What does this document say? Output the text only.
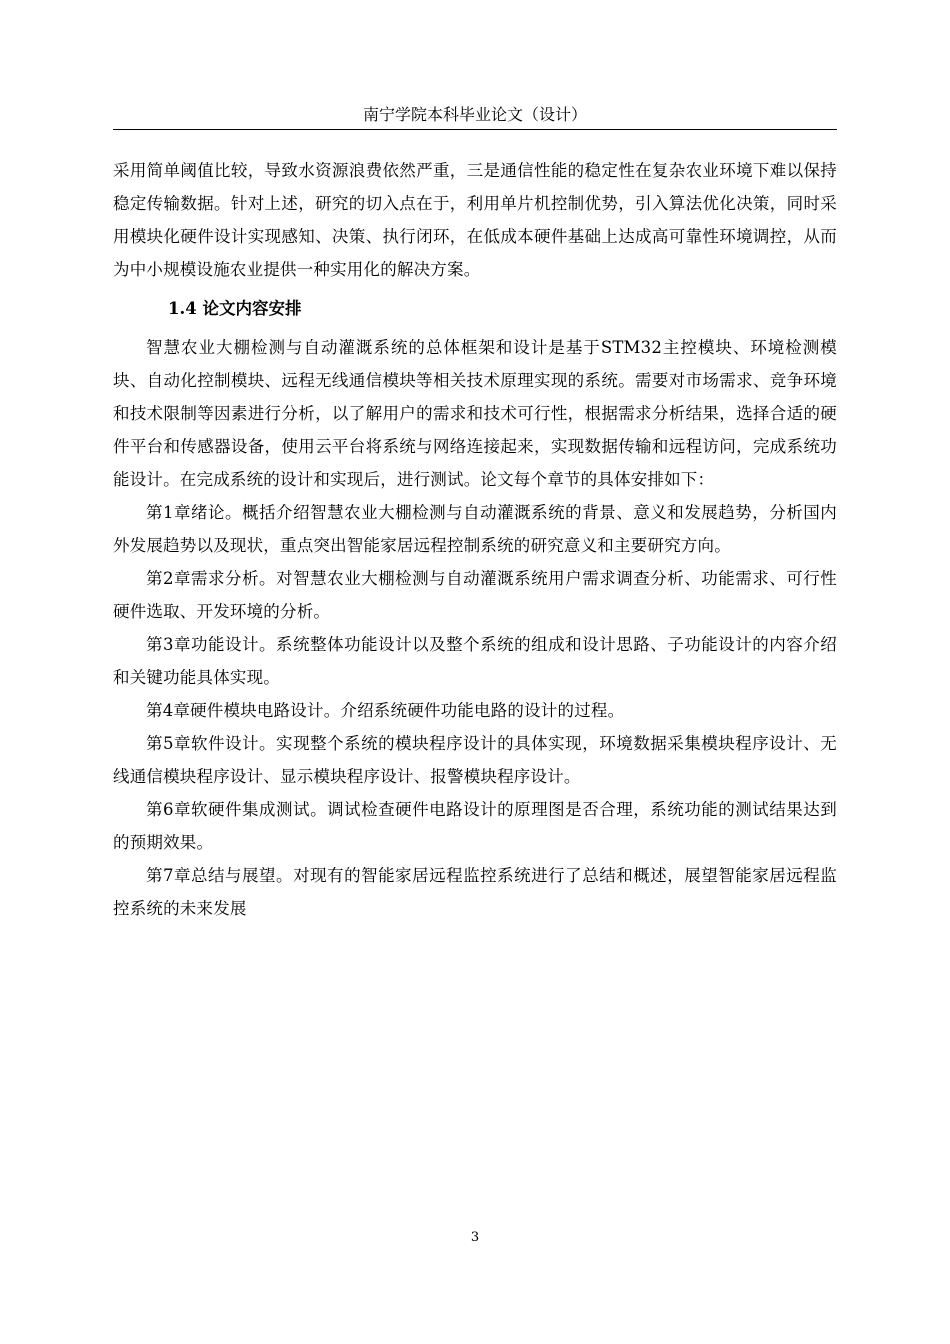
南宁学院本科毕业论文（设计）

采用简单阈值比较，导致水资源浪费依然严重，三是通信性能的稳定性在复杂农业环境下难以保持稳定传输数据。针对上述，研究的切入点在于，利用单片机控制优势，引入算法优化决策，同时采用模块化硬件设计实现感知、决策、执行闭环，在低成本硬件基础上达成高可靠性环境调控，从而为中小规模设施农业提供一种实用化的解决方案。

1.4 论文内容安排

智慧农业大棚检测与自动灌溉系统的总体框架和设计是基于STM32主控模块、环境检测模块、自动化控制模块、远程无线通信模块等相关技术原理实现的系统。需要对市场需求、竞争环境和技术限制等因素进行分析，以了解用户的需求和技术可行性，根据需求分析结果，选择合适的硬件平台和传感器设备，使用云平台将系统与网络连接起来，实现数据传输和远程访问，完成系统功能设计。在完成系统的设计和实现后，进行测试。论文每个章节的具体安排如下：

第1章绪论。概括介绍智慧农业大棚检测与自动灌溉系统的背景、意义和发展趋势，分析国内外发展趋势以及现状，重点突出智能家居远程控制系统的研究意义和主要研究方向。

第2章需求分析。对智慧农业大棚检测与自动灌溉系统用户需求调查分析、功能需求、可行性硬件选取、开发环境的分析。

第3章功能设计。系统整体功能设计以及整个系统的组成和设计思路、子功能设计的内容介绍和关键功能具体实现。

第4章硬件模块电路设计。介绍系统硬件功能电路的设计的过程。

第5章软件设计。实现整个系统的模块程序设计的具体实现，环境数据采集模块程序设计、无线通信模块程序设计、显示模块程序设计、报警模块程序设计。

第6章软硬件集成测试。调试检查硬件电路设计的原理图是否合理，系统功能的测试结果达到的预期效果。

第7章总结与展望。对现有的智能家居远程监控系统进行了总结和概述，展望智能家居远程监控系统的未来发展

3
